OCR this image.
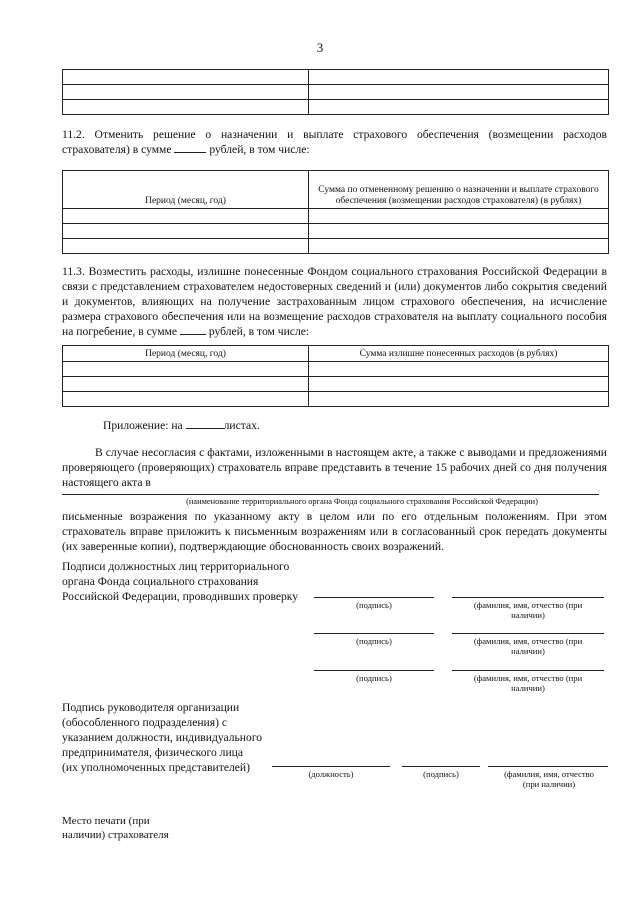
3

11.2. Отменить решение о назначении и выплате страхового обеспечения (возмещении расходов страхователя) в сумме	рублей, в том числе:
Период (месяц, год)	Сумма по отмененному решению о назначении и выплате страхового обеспечения (возмещении расходов страхователя) (в рублях)

11.3. Возместить расходы, излишне понесенные Фондом социального страхования Российской Федерации в связи с представлением страхователем недостоверных сведений и (или) документов либо сокрытия сведений и документов, влияющих на получение застрахованным лицом страхового обеспечения, на исчисление размера страхового обеспечения или на возмещение расходов страхователя на выплату социального пособия на погребение, в сумме	рублей, в том числе:
Период (месяц, год)	Сумма излишне понесенных расходов (в рублях)

Приложение: на	листах.
В случае несогласия с фактами, изложенными в настоящем акте, а также с выводами и предложениями проверяющего (проверяющих) страхователь вправе представить в течение 15 рабочих дней со дня получения настоящего акта в
(наименование территориального органа Фонда социального страхования Российской Федерации)
письменные возражения по указанному акту в целом или по его отдельным положениям. При этом страхователь вправе приложить к письменным возражениям или в согласованный срок передать документы (их заверенные копии), подтверждающие обоснованность своих возражений.
Подписи должностных лиц территориального
органа Фонда социального страхования
Российской Федерации, проводивших проверку
(подпись)	(фамилия, имя, отчество (при
наличии)
(подпись)	(фамилия, имя, отчество (при
наличии)
(подпись)	(фамилия, имя, отчество (при
наличии)
Подпись руководителя организации
(обособленного подразделения) с
указанием должности, индивидуального
предпринимателя, физического лица
(их уполномоченных представителей)	(должность)	(подпись)	(фамилия, имя, отчество
(при наличии)
Место печати (при
наличии) страхователя
